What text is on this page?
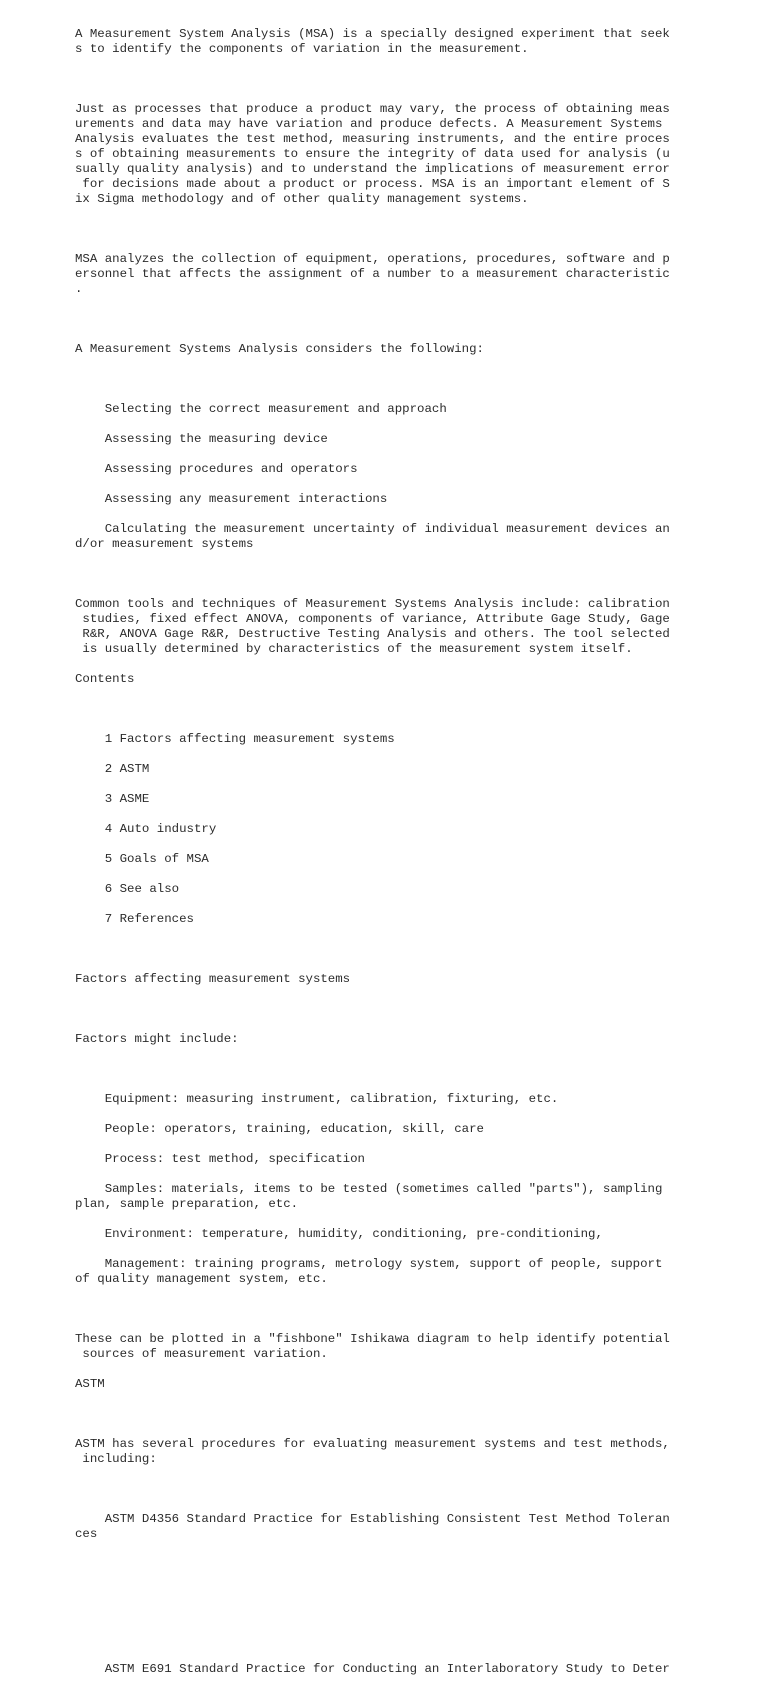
A Measurement System Analysis (MSA) is a specially designed experiment that seek
s to identify the components of variation in the measurement.

Just as processes that produce a product may vary, the process of obtaining meas
urements and data may have variation and produce defects. A Measurement Systems
Analysis evaluates the test method, measuring instruments, and the entire proces
s of obtaining measurements to ensure the integrity of data used for analysis (u
sually quality analysis) and to understand the implications of measurement error
for decisions made about a product or process. MSA is an important element of S
ix Sigma methodology and of other quality management systems.

MSA analyzes the collection of equipment, operations, procedures, software and p
ersonnel that affects the assignment of a number to a measurement characteristic
.

A Measurement Systems Analysis considers the following:

Selecting the correct measurement and approach

Assessing the measuring device

Assessing procedures and operators

Assessing any measurement interactions

Calculating the measurement uncertainty of individual measurement devices an
d/or measurement systems

Common tools and techniques of Measurement Systems Analysis include: calibration
studies, fixed effect ANOVA, components of variance, Attribute Gage Study, Gage
R&R, ANOVA Gage R&R, Destructive Testing Analysis and others. The tool selected
is usually determined by characteristics of the measurement system itself.

Contents

1 Factors affecting measurement systems

2 ASTM

3 ASME

4 Auto industry

5 Goals of MSA

6 See also

7 References

Factors affecting measurement systems

Factors might include:

Equipment: measuring instrument, calibration, fixturing, etc.

People: operators, training, education, skill, care

Process: test method, specification

Samples: materials, items to be tested (sometimes called "parts"), sampling
plan, sample preparation, etc.

Environment: temperature, humidity, conditioning, pre-conditioning,

Management: training programs, metrology system, support of people, support
of quality management system, etc.

These can be plotted in a "fishbone" Ishikawa diagram to help identify potential
sources of measurement variation.

ASTM

ASTM has several procedures for evaluating measurement systems and test methods,
including:

ASTM D4356 Standard Practice for Establishing Consistent Test Method Toleran
ces

ASTM E691 Standard Practice for Conducting an Interlaboratory Study to Deter
